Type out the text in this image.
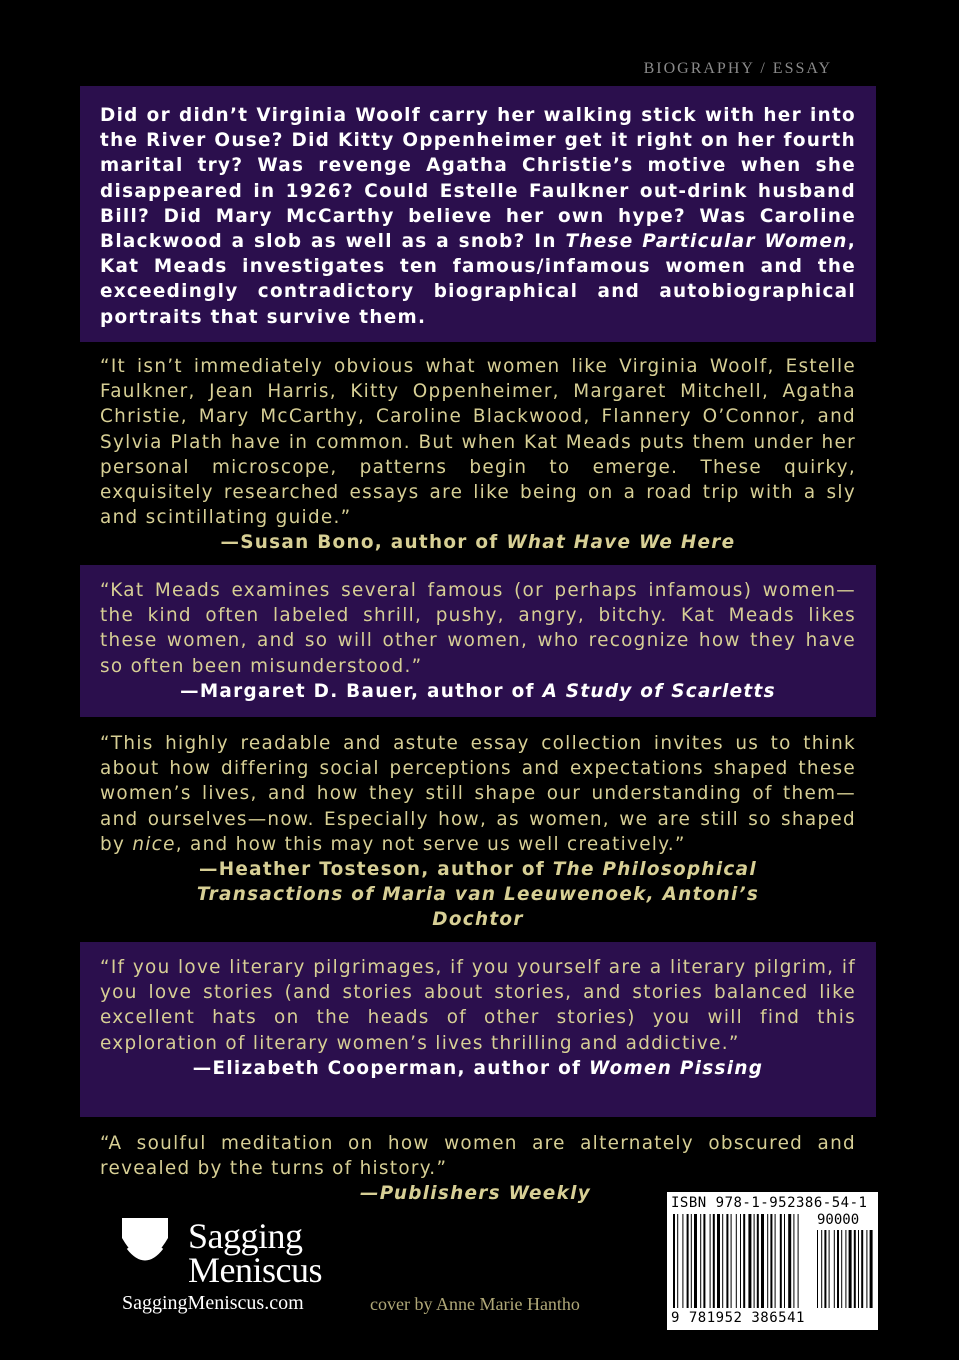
BIOGRAPHY / ESSAY

Did or didn’t Virginia Woolf carry her walking stick with her into the River Ouse? Did Kitty Oppenheimer get it right on her fourth marital try? Was revenge Agatha Christie’s motive when she disappeared in 1926? Could Estelle Faulkner out-drink husband Bill? Did Mary McCarthy believe her own hype? Was Caroline Blackwood a slob as well as a snob? In These Particular Women, Kat Meads investigates ten famous/infamous women and the exceedingly contradictory biographical and autobiographical portraits that survive them.

“It isn’t immediately obvious what women like Virginia Woolf, Estelle Faulkner, Jean Harris, Kitty Oppenheimer, Margaret Mitchell, Agatha Christie, Mary McCarthy, Caroline Blackwood, Flannery O’Connor, and Sylvia Plath have in common. But when Kat Meads puts them under her personal microscope, patterns begin to emerge. These quirky, exquisitely researched essays are like being on a road trip with a sly and scintillating guide.”

—Susan Bono, author of What Have We Here

“Kat Meads examines several famous (or perhaps infamous) women—the kind often labeled shrill, pushy, angry, bitchy. Kat Meads likes these women, and so will other women, who recognize how they have so often been misunderstood.”

—Margaret D. Bauer, author of A Study of Scarletts

“This highly readable and astute essay collection invites us to think about how differing social perceptions and expectations shaped these women’s lives, and how they still shape our understanding of them—and ourselves—now. Especially how, as women, we are still so shaped by nice, and how this may not serve us well creatively.”

—Heather Tosteson, author of The Philosophical Transactions of Maria van Leeuwenoek, Antoni’s Dochtor

“If you love literary pilgrimages, if you yourself are a literary pilgrim, if you love stories (and stories about stories, and stories balanced like excellent hats on the heads of other stories) you will find this exploration of literary women’s lives thrilling and addictive.”

—Elizabeth Cooperman, author of Women Pissing

“A soulful meditation on how women are alternately obscured and revealed by the turns of history.”

—Publishers Weekly
Sagging
Meniscus
SaggingMeniscus.com	cover by Anne Marie Hantho
ISBN 978-1-952386-54-1
90000
9 781952 386541
